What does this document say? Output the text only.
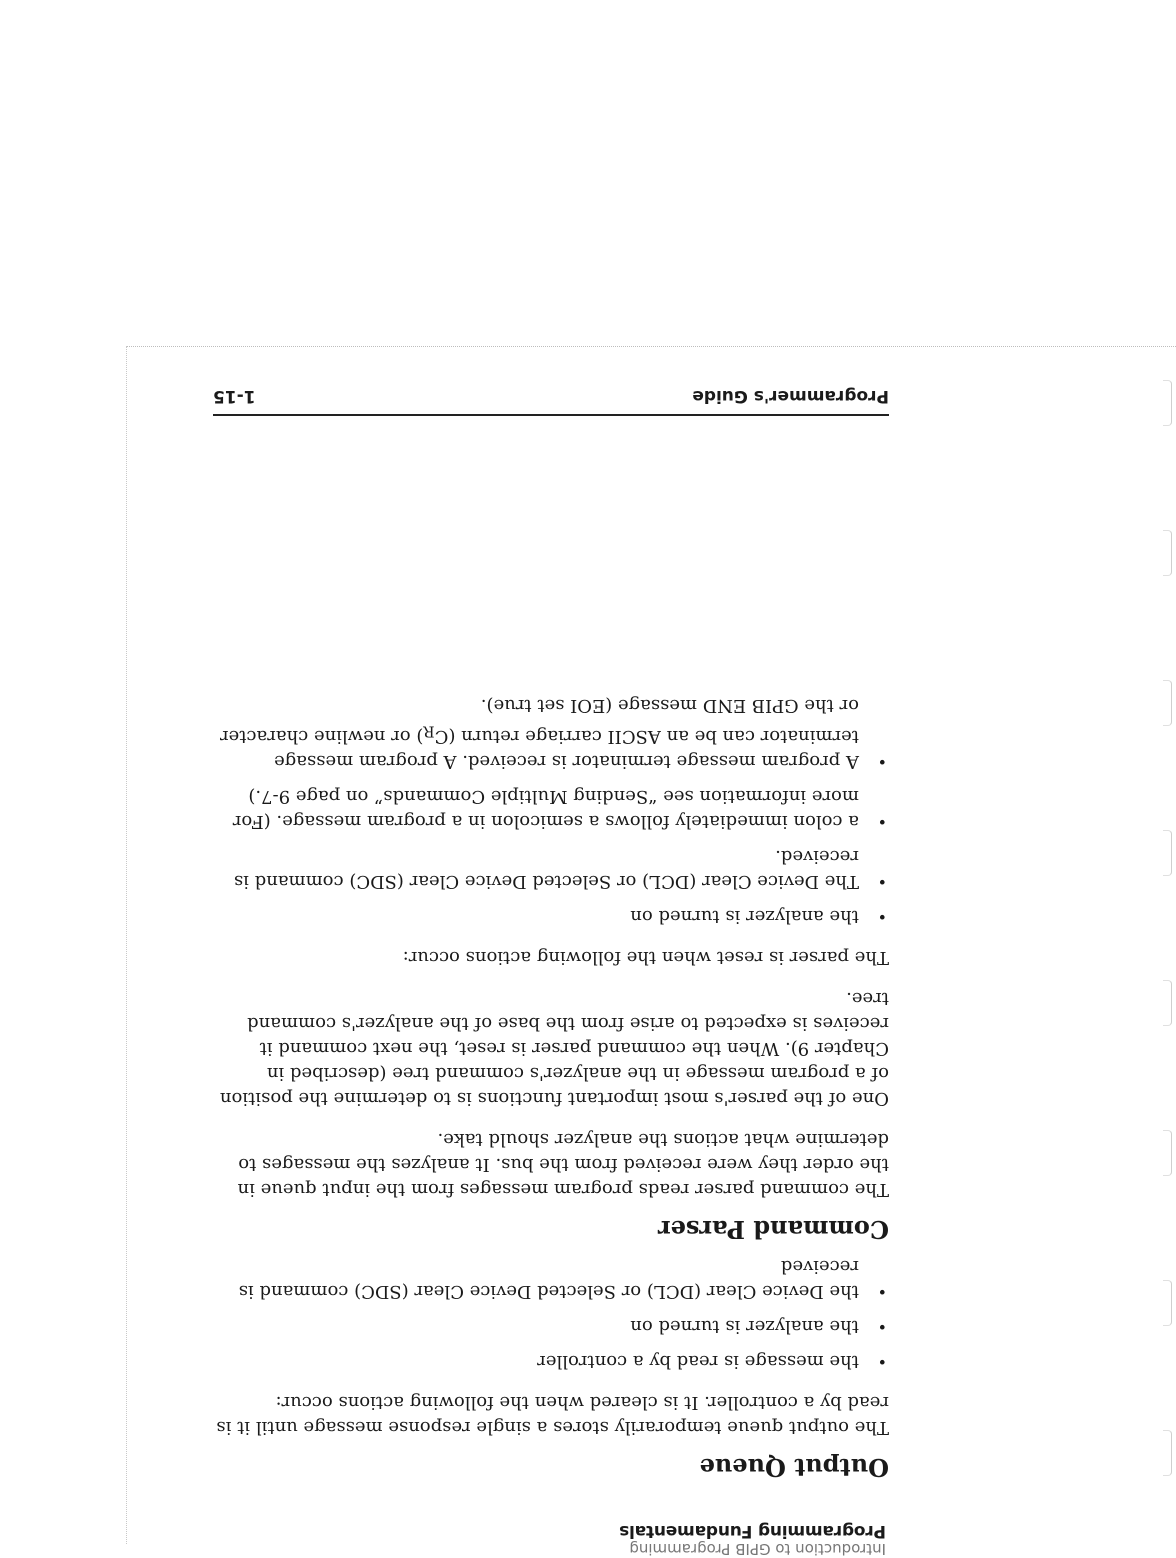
Introduction to GPIB Programming
Programming Fundamentals
Output Queue

The output queue temporarily stores a single response message until it is read by a controller. It is cleared when the following actions occur:

•
the message is read by a controller
•
the analyzer is turned on
•
the Device Clear (DCL) or Selected Device Clear (SDC) command is received
Command Parser

The command parser reads program messages from the input queue in the order they were received from the bus. It analyzes the messages to determine what actions the analyzer should take.

One of the parser's most important functions is to determine the position of a program message in the analyzer's command tree (described in Chapter 9). When the command parser is reset, the next command it receives is expected to arise from the base of the analyzer's command tree.

The parser is reset when the following actions occur:

•
the analyzer is turned on
•
The Device Clear (DCL) or Selected Device Clear (SDC) command is received.
•
a colon immediately follows a semicolon in a program message. (For more information see “Sending Multiple Commands” on page 9-7.)
•
A program message terminator is received. A program message terminator can be an ASCII carriage return $(C_R)$ or newline character or the GPIB END message (EOI set true).
Programmer's Guide
1-15
